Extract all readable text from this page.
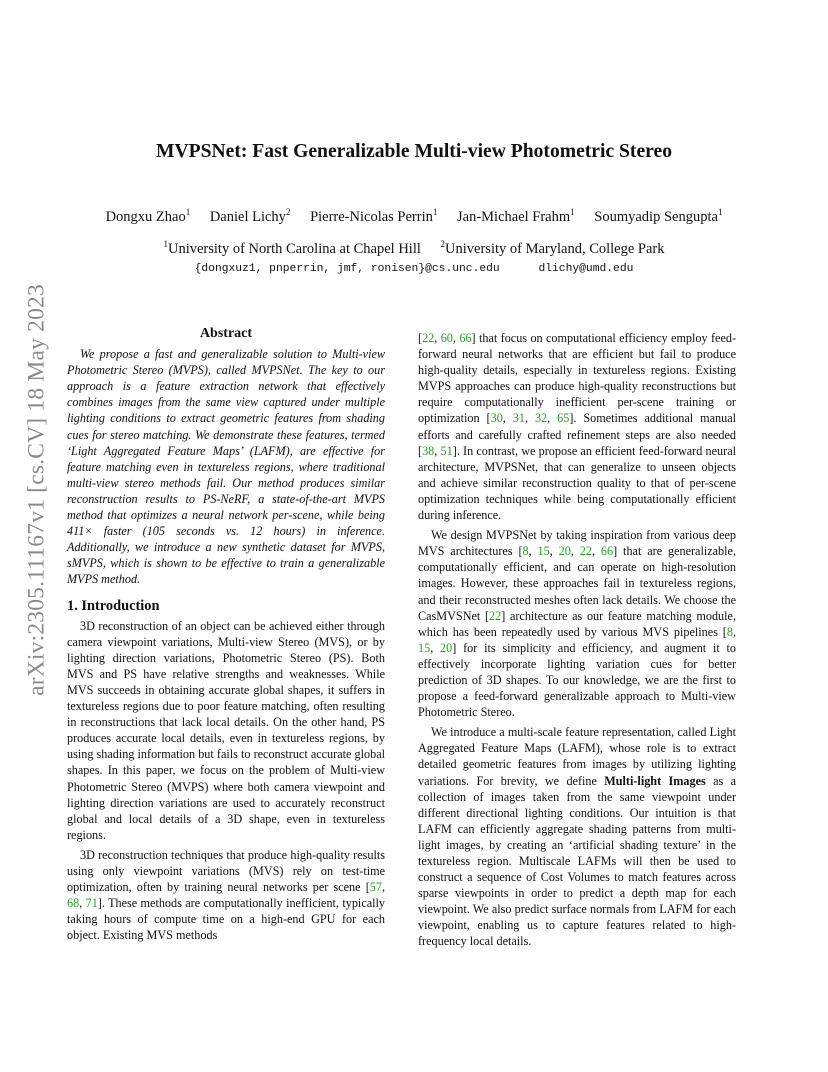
arXiv:2305.11167v1 [cs.CV] 18 May 2023
MVPSNet: Fast Generalizable Multi-view Photometric Stereo
Dongxu Zhao$^1$ Daniel Lichy$^2$ Pierre-Nicolas Perrin$^1$ Jan-Michael Frahm$^1$ Soumyadip Sengupta$^1$
$^1$University of North Carolina at Chapel Hill $^2$University of Maryland, College Park
{dongxuz1, pnperrin, jmf, ronisen}@cs.unc.edu	dlichy@umd.edu
Abstract

We propose a fast and generalizable solution to Multi-view Photometric Stereo (MVPS), called MVPSNet. The key to our approach is a feature extraction network that effectively combines images from the same view captured under multiple lighting conditions to extract geometric features from shading cues for stereo matching. We demonstrate these features, termed ‘Light Aggregated Feature Maps’ (LAFM), are effective for feature matching even in textureless regions, where traditional multi-view stereo methods fail. Our method produces similar reconstruction results to PS-NeRF, a state-of-the-art MVPS method that optimizes a neural network per-scene, while being 411× faster (105 seconds vs. 12 hours) in inference. Additionally, we introduce a new synthetic dataset for MVPS, sMVPS, which is shown to be effective to train a generalizable MVPS method.

1. Introduction

3D reconstruction of an object can be achieved either through camera viewpoint variations, Multi-view Stereo (MVS), or by lighting direction variations, Photometric Stereo (PS). Both MVS and PS have relative strengths and weaknesses. While MVS succeeds in obtaining accurate global shapes, it suffers in textureless regions due to poor feature matching, often resulting in reconstructions that lack local details. On the other hand, PS produces accurate local details, even in textureless regions, by using shading information but fails to reconstruct accurate global shapes. In this paper, we focus on the problem of Multi-view Photometric Stereo (MVPS) where both camera viewpoint and lighting direction variations are used to accurately reconstruct global and local details of a 3D shape, even in textureless regions.

3D reconstruction techniques that produce high-quality results using only viewpoint variations (MVS) rely on test-time optimization, often by training neural networks per scene [57, 68, 71]. These methods are computationally inefficient, typically taking hours of compute time on a high-end GPU for each object. Existing MVS methods

[22, 60, 66] that focus on computational efficiency employ feed-forward neural networks that are efficient but fail to produce high-quality details, especially in textureless regions. Existing MVPS approaches can produce high-quality reconstructions but require computationally inefficient per-scene training or optimization [30, 31, 32, 65]. Sometimes additional manual efforts and carefully crafted refinement steps are also needed [38, 51]. In contrast, we propose an efficient feed-forward neural architecture, MVPSNet, that can generalize to unseen objects and achieve similar reconstruction quality to that of per-scene optimization techniques while being computationally efficient during inference.

We design MVPSNet by taking inspiration from various deep MVS architectures [8, 15, 20, 22, 66] that are generalizable, computationally efficient, and can operate on high-resolution images. However, these approaches fail in textureless regions, and their reconstructed meshes often lack details. We choose the CasMVSNet [22] architecture as our feature matching module, which has been repeatedly used by various MVS pipelines [8, 15, 20] for its simplicity and efficiency, and augment it to effectively incorporate lighting variation cues for better prediction of 3D shapes. To our knowledge, we are the first to propose a feed-forward generalizable approach to Multi-view Photometric Stereo.

We introduce a multi-scale feature representation, called Light Aggregated Feature Maps (LAFM), whose role is to extract detailed geometric features from images by utilizing lighting variations. For brevity, we define Multi-light Images as a collection of images taken from the same viewpoint under different directional lighting conditions. Our intuition is that LAFM can efficiently aggregate shading patterns from multi-light images, by creating an ‘artificial shading texture’ in the textureless region. Multiscale LAFMs will then be used to construct a sequence of Cost Volumes to match features across sparse viewpoints in order to predict a depth map for each viewpoint. We also predict surface normals from LAFM for each viewpoint, enabling us to capture features related to high-frequency local details.
